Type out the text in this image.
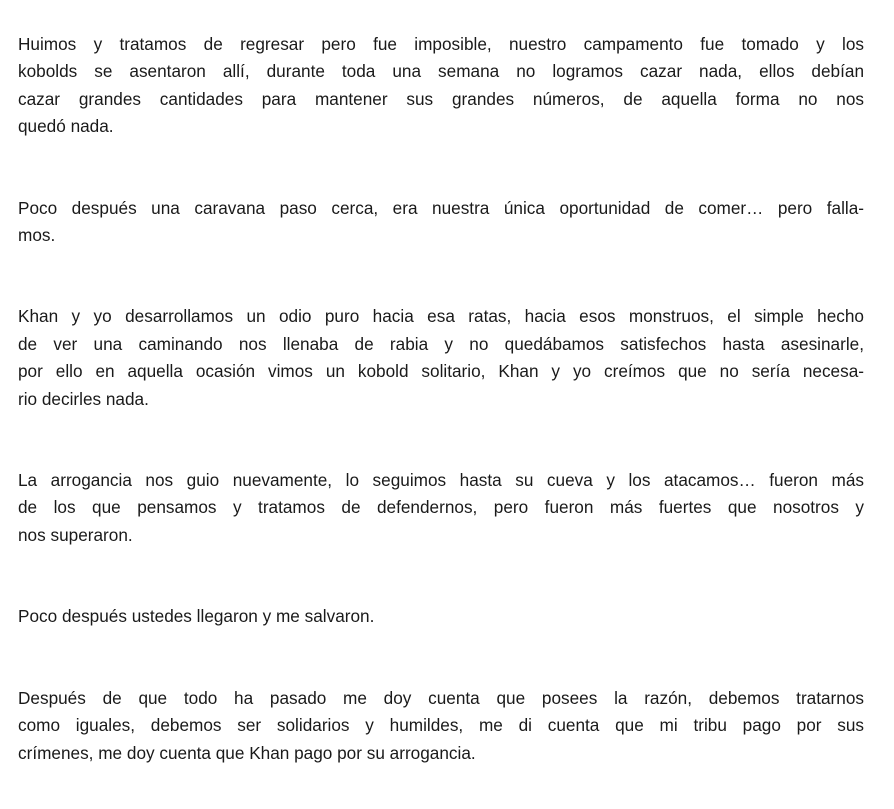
Huimos y tratamos de regresar pero fue imposible, nuestro campamento fue tomado y los
kobolds se asentaron allí, durante toda una semana no logramos cazar nada, ellos debían
cazar grandes cantidades para mantener sus grandes números, de aquella forma no nos
quedó nada.

Poco después una caravana paso cerca, era nuestra única oportunidad de comer… pero falla-
mos.

Khan y yo desarrollamos un odio puro hacia esa ratas, hacia esos monstruos, el simple hecho
de ver una caminando nos llenaba de rabia y no quedábamos satisfechos hasta asesinarle,
por ello en aquella ocasión vimos un kobold solitario, Khan y yo creímos que no sería necesa-
rio decirles nada.

La arrogancia nos guio nuevamente, lo seguimos hasta su cueva y los atacamos… fueron más
de los que pensamos y tratamos de defendernos, pero fueron más fuertes que nosotros y
nos superaron.

Poco después ustedes llegaron y me salvaron.

Después de que todo ha pasado me doy cuenta que posees la razón, debemos tratarnos
como iguales, debemos ser solidarios y humildes, me di cuenta que mi tribu pago por sus
crímenes, me doy cuenta que Khan pago por su arrogancia.
